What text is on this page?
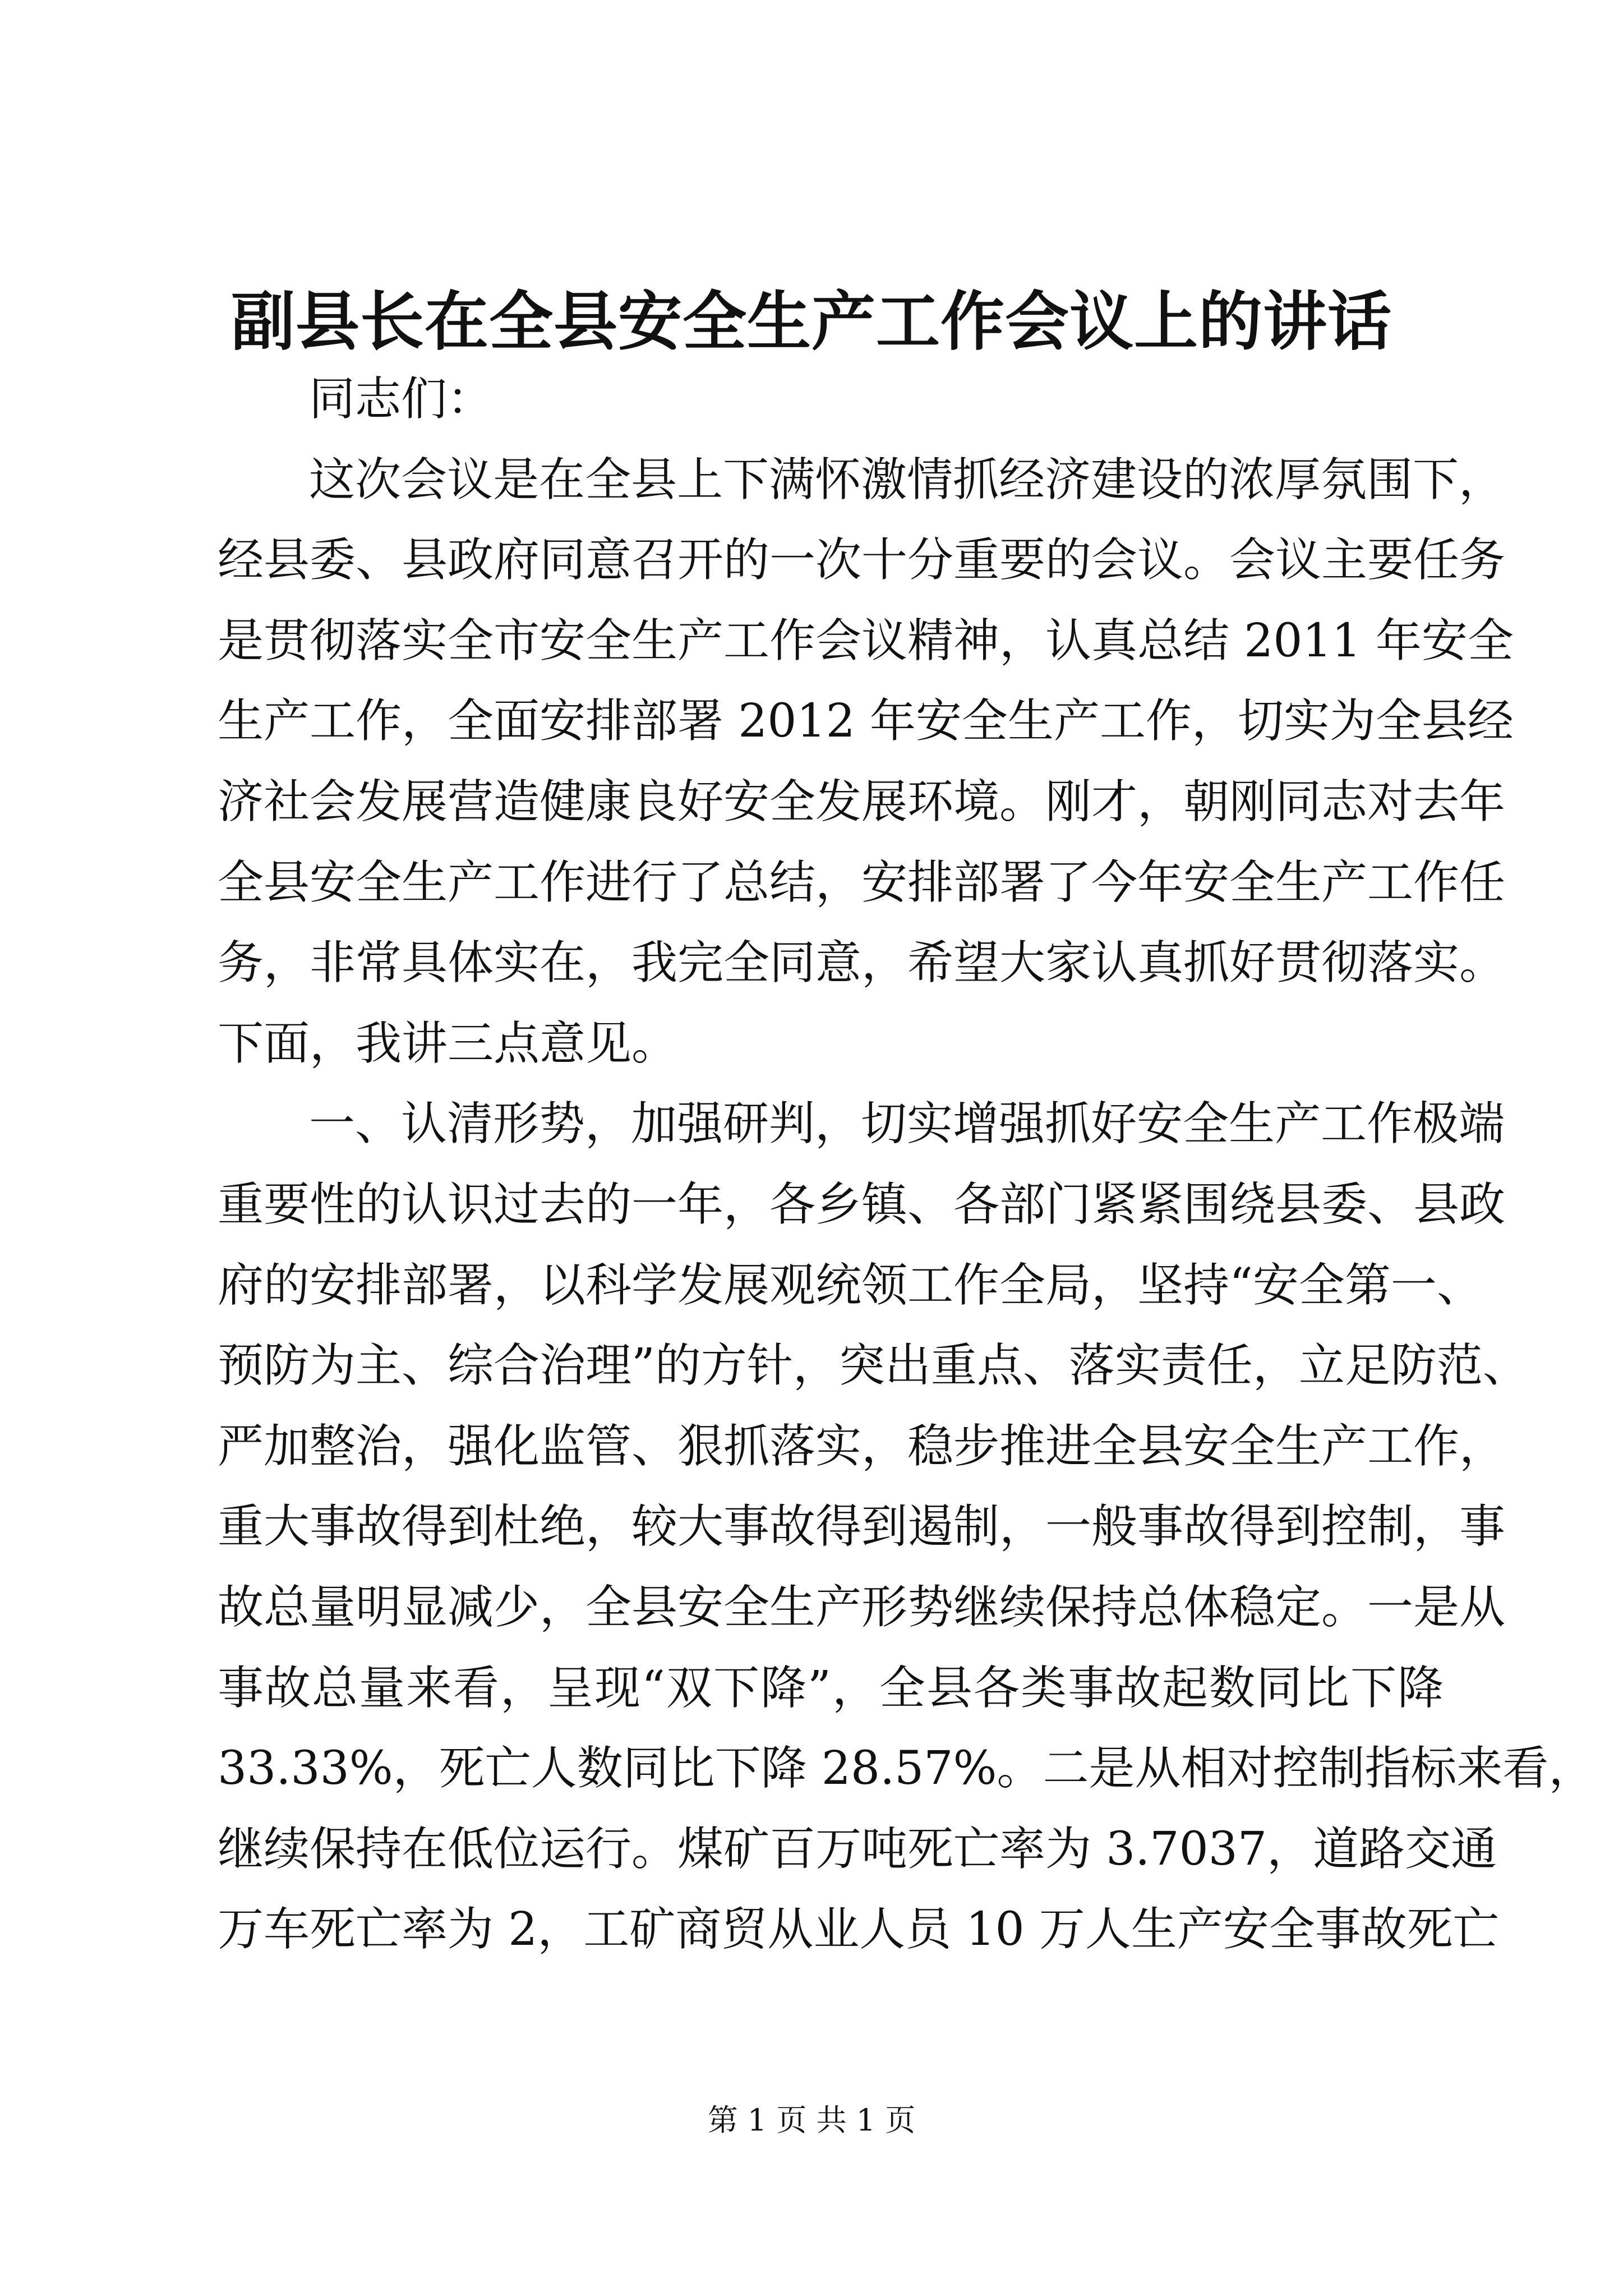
副县长在全县安全生产工作会议上的讲话
同志们：
这次会议是在全县上下满怀激情抓经济建设的浓厚氛围下，
经县委、县政府同意召开的一次十分重要的会议。会议主要任务
是贯彻落实全市安全生产工作会议精神，认真总结 2011 年安全
生产工作，全面安排部署 2012 年安全生产工作，切实为全县经
济社会发展营造健康良好安全发展环境。刚才，朝刚同志对去年
全县安全生产工作进行了总结，安排部署了今年安全生产工作任
务，非常具体实在，我完全同意，希望大家认真抓好贯彻落实。
下面，我讲三点意见。
一、认清形势，加强研判，切实增强抓好安全生产工作极端
重要性的认识过去的一年，各乡镇、各部门紧紧围绕县委、县政
府的安排部署，以科学发展观统领工作全局，坚持“安全第一、
预防为主、综合治理”的方针，突出重点、落实责任，立足防范、
严加整治，强化监管、狠抓落实，稳步推进全县安全生产工作，
重大事故得到杜绝，较大事故得到遏制，一般事故得到控制，事
故总量明显减少，全县安全生产形势继续保持总体稳定。一是从
事故总量来看，呈现“双下降”，全县各类事故起数同比下降
33.33%，死亡人数同比下降 28.57%。二是从相对控制指标来看，
继续保持在低位运行。煤矿百万吨死亡率为 3.7037，道路交通
万车死亡率为 2，工矿商贸从业人员 10 万人生产安全事故死亡
第 1 页 共 1 页
